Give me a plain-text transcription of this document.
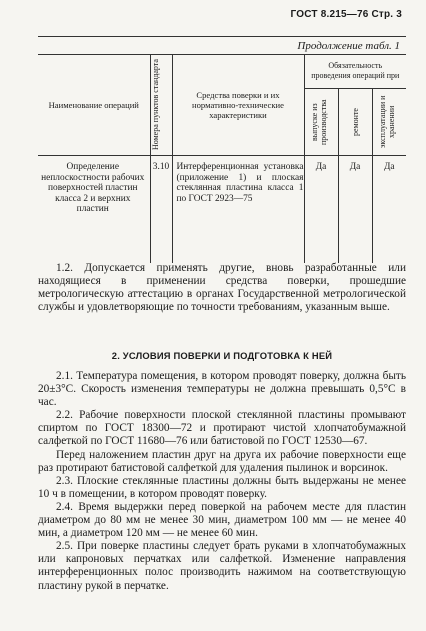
ГОСТ 8.215—76 Стр. 3
Продолжение табл. 1
Наименование операций	Номера пунктов стандарта	Средства поверки и их нормативно-технические характеристики	Обязательность проведения операций при		

			выпуске из производства	ремонте	эксплуатации и хранении

Определение неплоскостности рабочих поверхностей пластин класса 2 и верхних пластин	3.10	Интерференционная установка (приложение 1) и плоская стеклянная пластина класса 1 по ГОСТ 2923—75	Да	Да	Да

1.2. Допускается применять другие, вновь разработанные или находящиеся в применении средства поверки, прошедшие метрологическую аттестацию в органах Государственной метрологической службы и удовлетворяющие по точности требованиям, указанным выше.

2. УСЛОВИЯ ПОВЕРКИ И ПОДГОТОВКА К НЕЙ

2.1. Температура помещения, в котором проводят поверку, должна быть 20±3°С. Скорость изменения температуры не должна превышать 0,5°С в час.

2.2. Рабочие поверхности плоской стеклянной пластины промывают спиртом по ГОСТ 18300—72 и протирают чистой хлопчатобумажной салфеткой по ГОСТ 11680—76 или батистовой по ГОСТ 12530—67.

Перед наложением пластин друг на друга их рабочие поверхности еще раз протирают батистовой салфеткой для удаления пылинок и ворсинок.

2.3. Плоские стеклянные пластины должны быть выдержаны не менее 10 ч в помещении, в котором проводят поверку.

2.4. Время выдержки перед поверкой на рабочем месте для пластин диаметром до 80 мм не менее 30 мин, диаметром 100 мм — не менее 40 мин, а диаметром 120 мм — не менее 60 мин.

2.5. При поверке пластины следует брать руками в хлопчатобумажных или капроновых перчатках или салфеткой. Изменение направления интерференционных полос производить нажимом на соответствующую пластину рукой в перчатке.
